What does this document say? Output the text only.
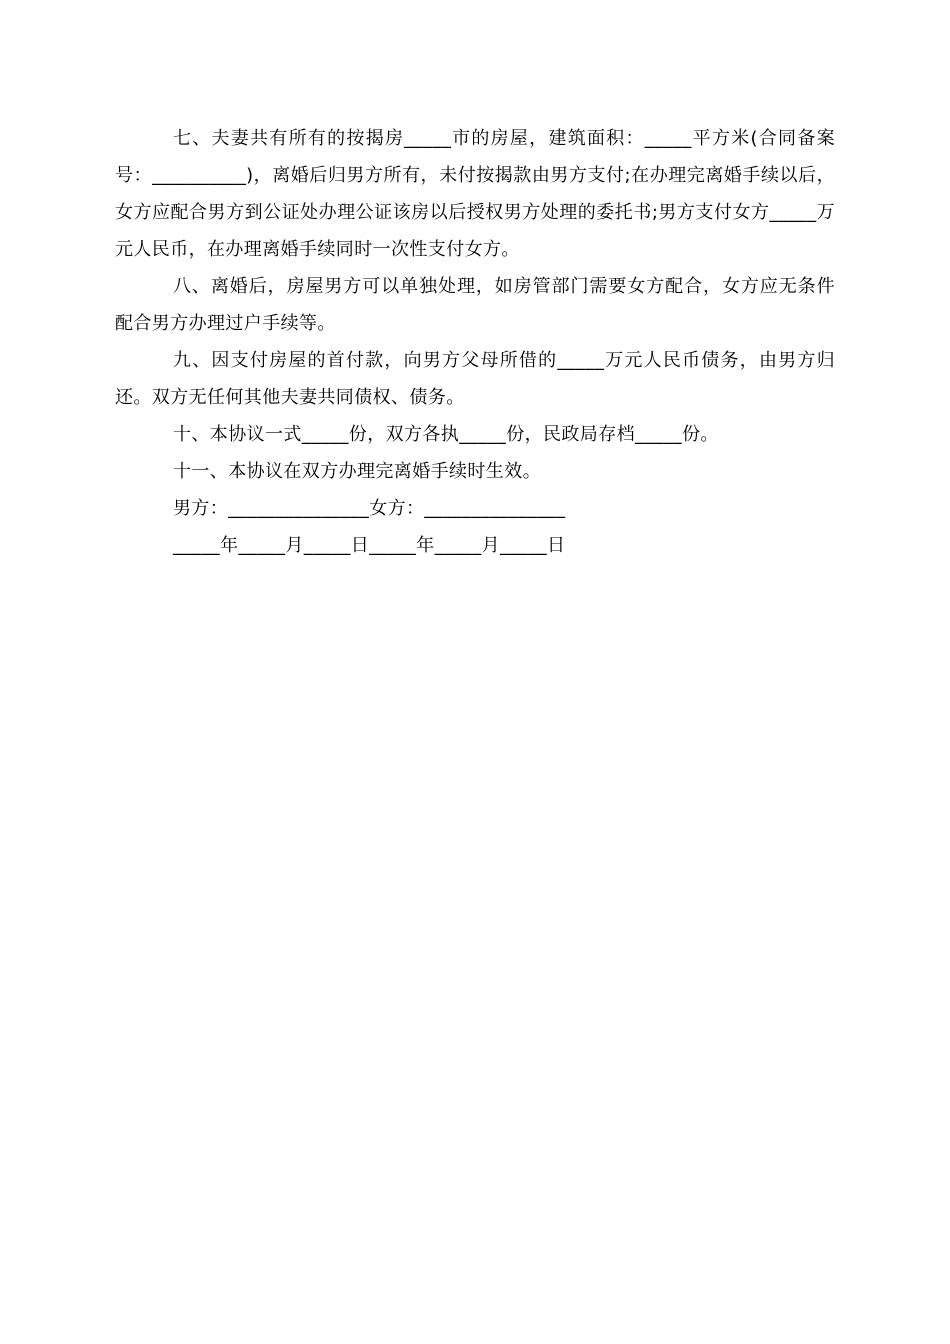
七、夫妻共有所有的按揭房_____市的房屋，建筑面积：_____平方米(合同备案号：__________)，离婚后归男方所有，未付按揭款由男方支付;在办理完离婚手续以后，女方应配合男方到公证处办理公证该房以后授权男方处理的委托书;男方支付女方_____万元人民币，在办理离婚手续同时一次性支付女方。

八、离婚后，房屋男方可以单独处理，如房管部门需要女方配合，女方应无条件配合男方办理过户手续等。

九、因支付房屋的首付款，向男方父母所借的_____万元人民币债务，由男方归还。双方无任何其他夫妻共同债权、债务。

十、本协议一式_____份，双方各执_____份，民政局存档_____份。

十一、本协议在双方办理完离婚手续时生效。

男方：_______________女方：_______________

_____年_____月_____日_____年_____月_____日
